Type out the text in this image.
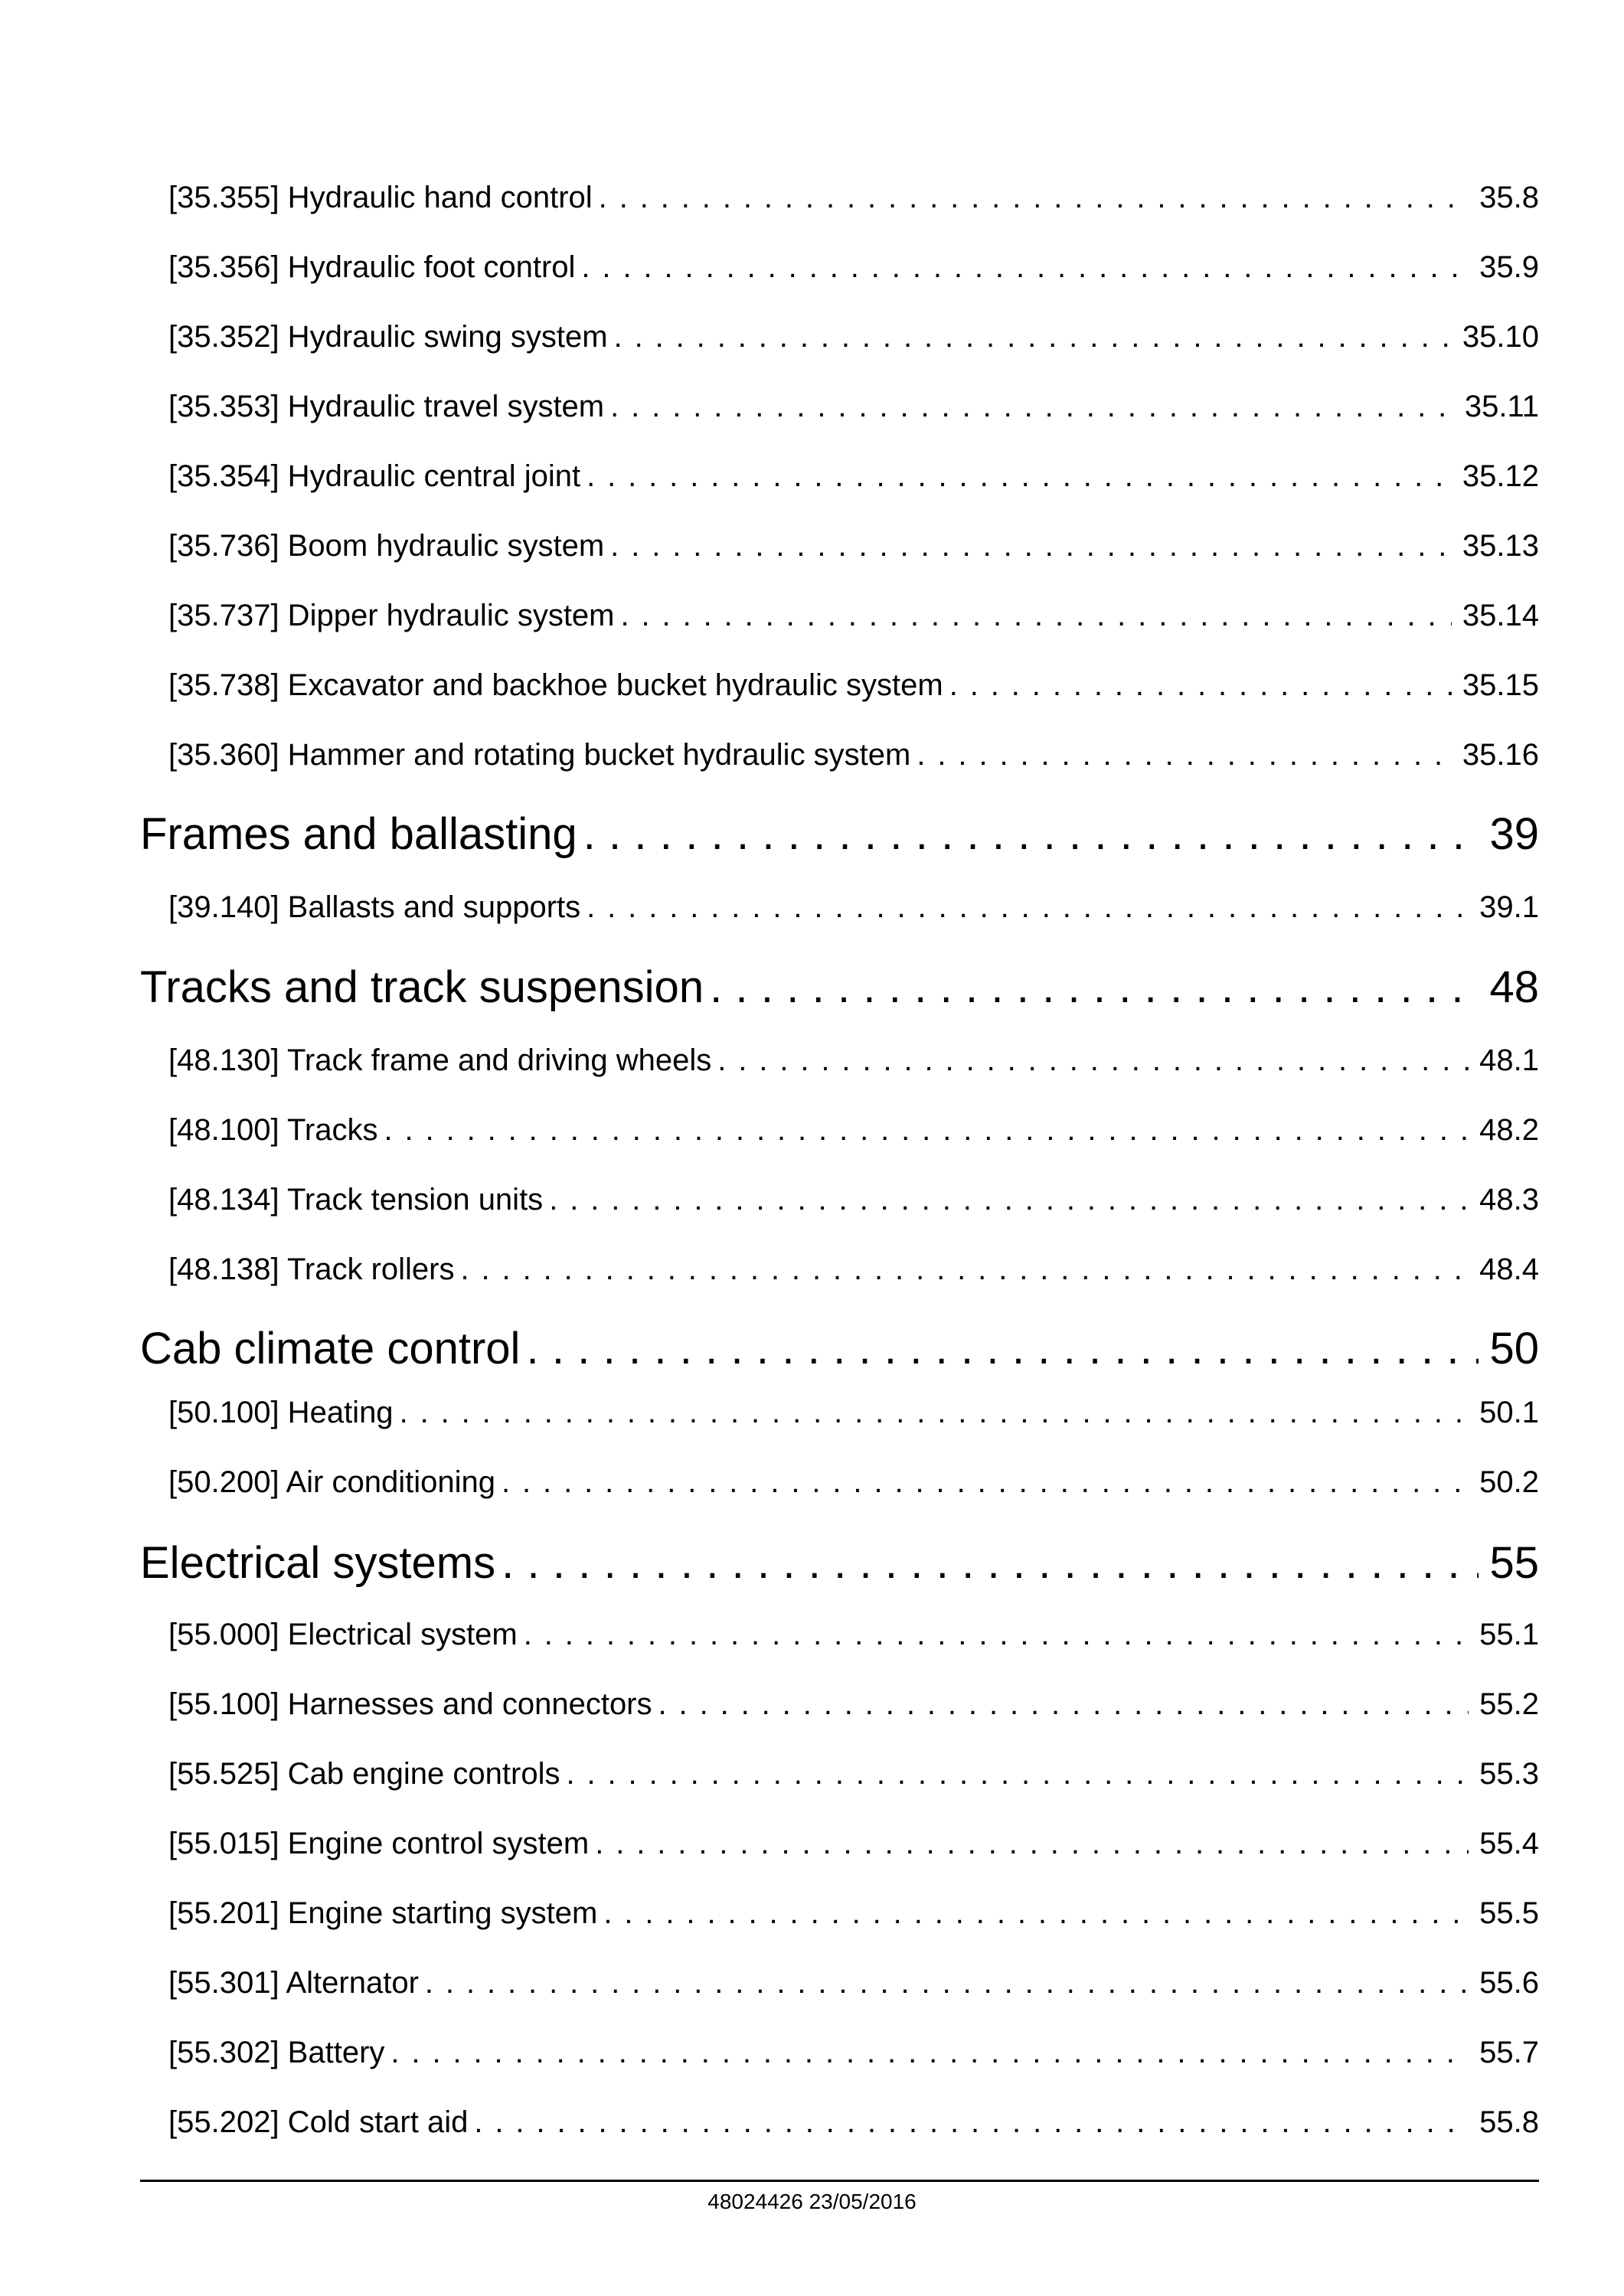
[35.355] Hydraulic hand control . . .	35.8
[35.356] Hydraulic foot control . . .	35.9
[35.352] Hydraulic swing system . . .	35.10
[35.353] Hydraulic travel system . . .	35.11
[35.354] Hydraulic central joint . . .	35.12
[35.736] Boom hydraulic system . . .	35.13
[35.737] Dipper hydraulic system . . .	35.14
[35.738] Excavator and backhoe bucket hydraulic system . . .	35.15
[35.360] Hammer and rotating bucket hydraulic system . . .	35.16
Frames and ballasting . . .	39
[39.140] Ballasts and supports . . .	39.1
Tracks and track suspension . . .	48
[48.130] Track frame and driving wheels . . .	48.1
[48.100] Tracks . . .	48.2
[48.134] Track tension units . . .	48.3
[48.138] Track rollers . . .	48.4
Cab climate control . . .	50
[50.100] Heating . . .	50.1
[50.200] Air conditioning . . .	50.2
Electrical systems . . .	55
[55.000] Electrical system . . .	55.1
[55.100] Harnesses and connectors . . .	55.2
[55.525] Cab engine controls . . .	55.3
[55.015] Engine control system . . .	55.4
[55.201] Engine starting system . . .	55.5
[55.301] Alternator . . .	55.6
[55.302] Battery . . .	55.7
[55.202] Cold start aid . . .	55.8
48024426 23/05/2016
